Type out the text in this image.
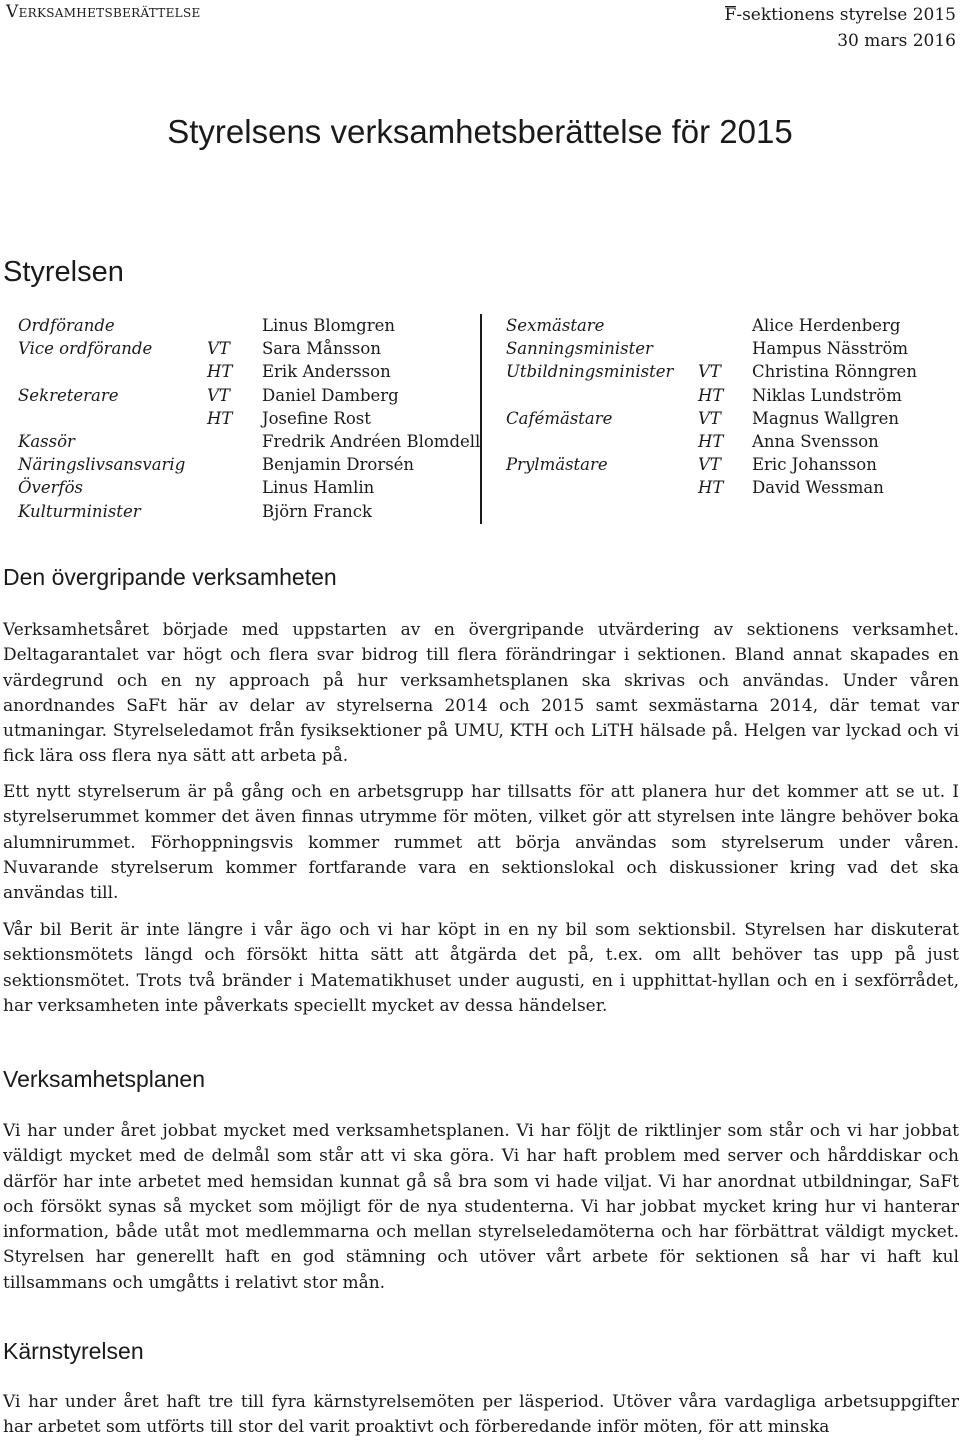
Verksamhetsberättelse	F-sektionens styrelse 2015
30 mars 2016
Styrelsens verksamhetsberättelse för 2015
Styrelsen
Ordförande	Linus Blomgren
Vice ordförande	VT Sara Månsson
HT Erik Andersson
Sekreterare	VT Daniel Damberg
HT Josefine Rost
Kassör	Fredrik Andréen Blomdell
Näringslivsansvarig	Benjamin Drorsén
Överfös	Linus Hamlin
Kulturminister	Björn Franck
Sexmästare	Alice Herdenberg
Sanningsminister	Hampus Näsström
Utbildningsminister VT Christina Rönngren
HT Niklas Lundström
Cafémästare	VT Magnus Wallgren
HT Anna Svensson
Prylmästare	VT Eric Johansson
HT David Wessman
Den övergripande verksamheten

Verksamhetsåret började med uppstarten av en övergripande utvärdering av sektionens verksamhet. Deltagarantalet var högt och flera svar bidrog till flera förändringar i sektionen. Bland annat skapades en värdegrund och en ny approach på hur verksamhetsplanen ska skrivas och användas. Under våren anordnandes SaFt här av delar av styrelserna 2014 och 2015 samt sexmästarna 2014, där temat var utmaningar. Styrelseledamot från fysiksektioner på UMU, KTH och LiTH hälsade på. Helgen var lyckad och vi fick lära oss flera nya sätt att arbeta på.

Ett nytt styrelserum är på gång och en arbetsgrupp har tillsatts för att planera hur det kommer att se ut. I styrelserummet kommer det även finnas utrymme för möten, vilket gör att styrelsen inte längre behöver boka alumnirummet. Förhoppningsvis kommer rummet att börja användas som styrelserum under våren. Nuvarande styrelserum kommer fortfarande vara en sektionslokal och diskussioner kring vad det ska användas till.

Vår bil Berit är inte längre i vår ägo och vi har köpt in en ny bil som sektionsbil. Styrelsen har diskuterat sektionsmötets längd och försökt hitta sätt att åtgärda det på, t.ex. om allt behöver tas upp på just sektionsmötet. Trots två bränder i Matematikhuset under augusti, en i upphittat-hyllan och en i sexförrådet, har verksamheten inte påverkats speciellt mycket av dessa händelser.

Verksamhetsplanen

Vi har under året jobbat mycket med verksamhetsplanen. Vi har följt de riktlinjer som står och vi har jobbat väldigt mycket med de delmål som står att vi ska göra. Vi har haft problem med server och hårddiskar och därför har inte arbetet med hemsidan kunnat gå så bra som vi hade viljat. Vi har anordnat utbildningar, SaFt och försökt synas så mycket som möjligt för de nya studenterna. Vi har jobbat mycket kring hur vi hanterar information, både utåt mot medlemmarna och mellan styrelseledamöterna och har förbättrat väldigt mycket. Styrelsen har generellt haft en god stämning och utöver vårt arbete för sektionen så har vi haft kul tillsammans och umgåtts i relativt stor mån.

Kärnstyrelsen

Vi har under året haft tre till fyra kärnstyrelsemöten per läsperiod. Utöver våra vardagliga arbetsuppgifter har arbetet som utförts till stor del varit proaktivt och förberedande inför möten, för att minska
